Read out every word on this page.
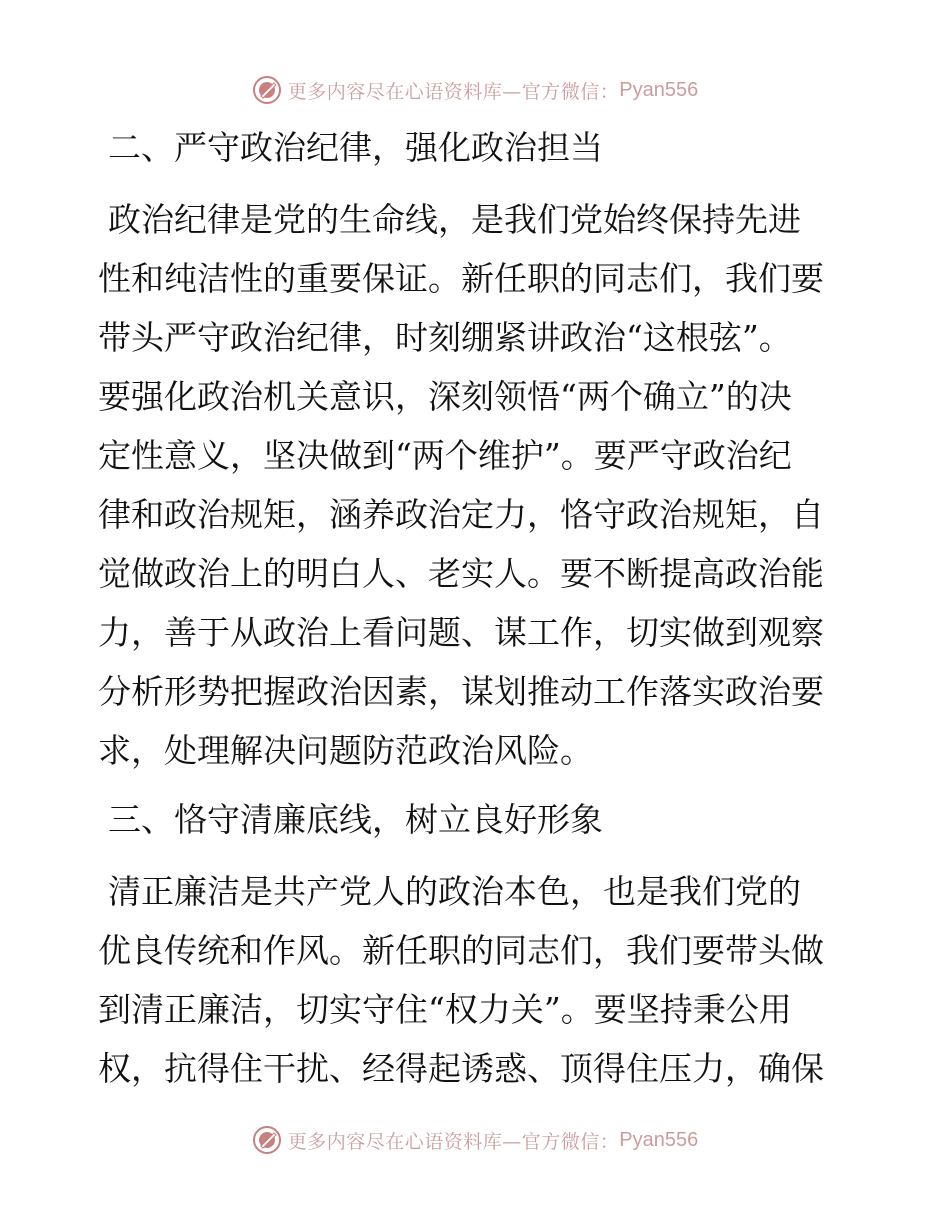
更多内容尽在心语资料库—官方微信： Pyan556
二、严守政治纪律，强化政治担当
政治纪律是党的生命线，是我们党始终保持先进
性和纯洁性的重要保证。新任职的同志们，我们要
带头严守政治纪律，时刻绷紧讲政治“这根弦”。
要强化政治机关意识，深刻领悟“两个确立”的决
定性意义，坚决做到“两个维护”。要严守政治纪
律和政治规矩，涵养政治定力，恪守政治规矩，自
觉做政治上的明白人、老实人。要不断提高政治能
力，善于从政治上看问题、谋工作，切实做到观察
分析形势把握政治因素，谋划推动工作落实政治要
求，处理解决问题防范政治风险。
三、恪守清廉底线，树立良好形象
清正廉洁是共产党人的政治本色，也是我们党的
优良传统和作风。新任职的同志们，我们要带头做
到清正廉洁，切实守住“权力关”。要坚持秉公用
权，抗得住干扰、经得起诱惑、顶得住压力，确保
更多内容尽在心语资料库—官方微信： Pyan556
